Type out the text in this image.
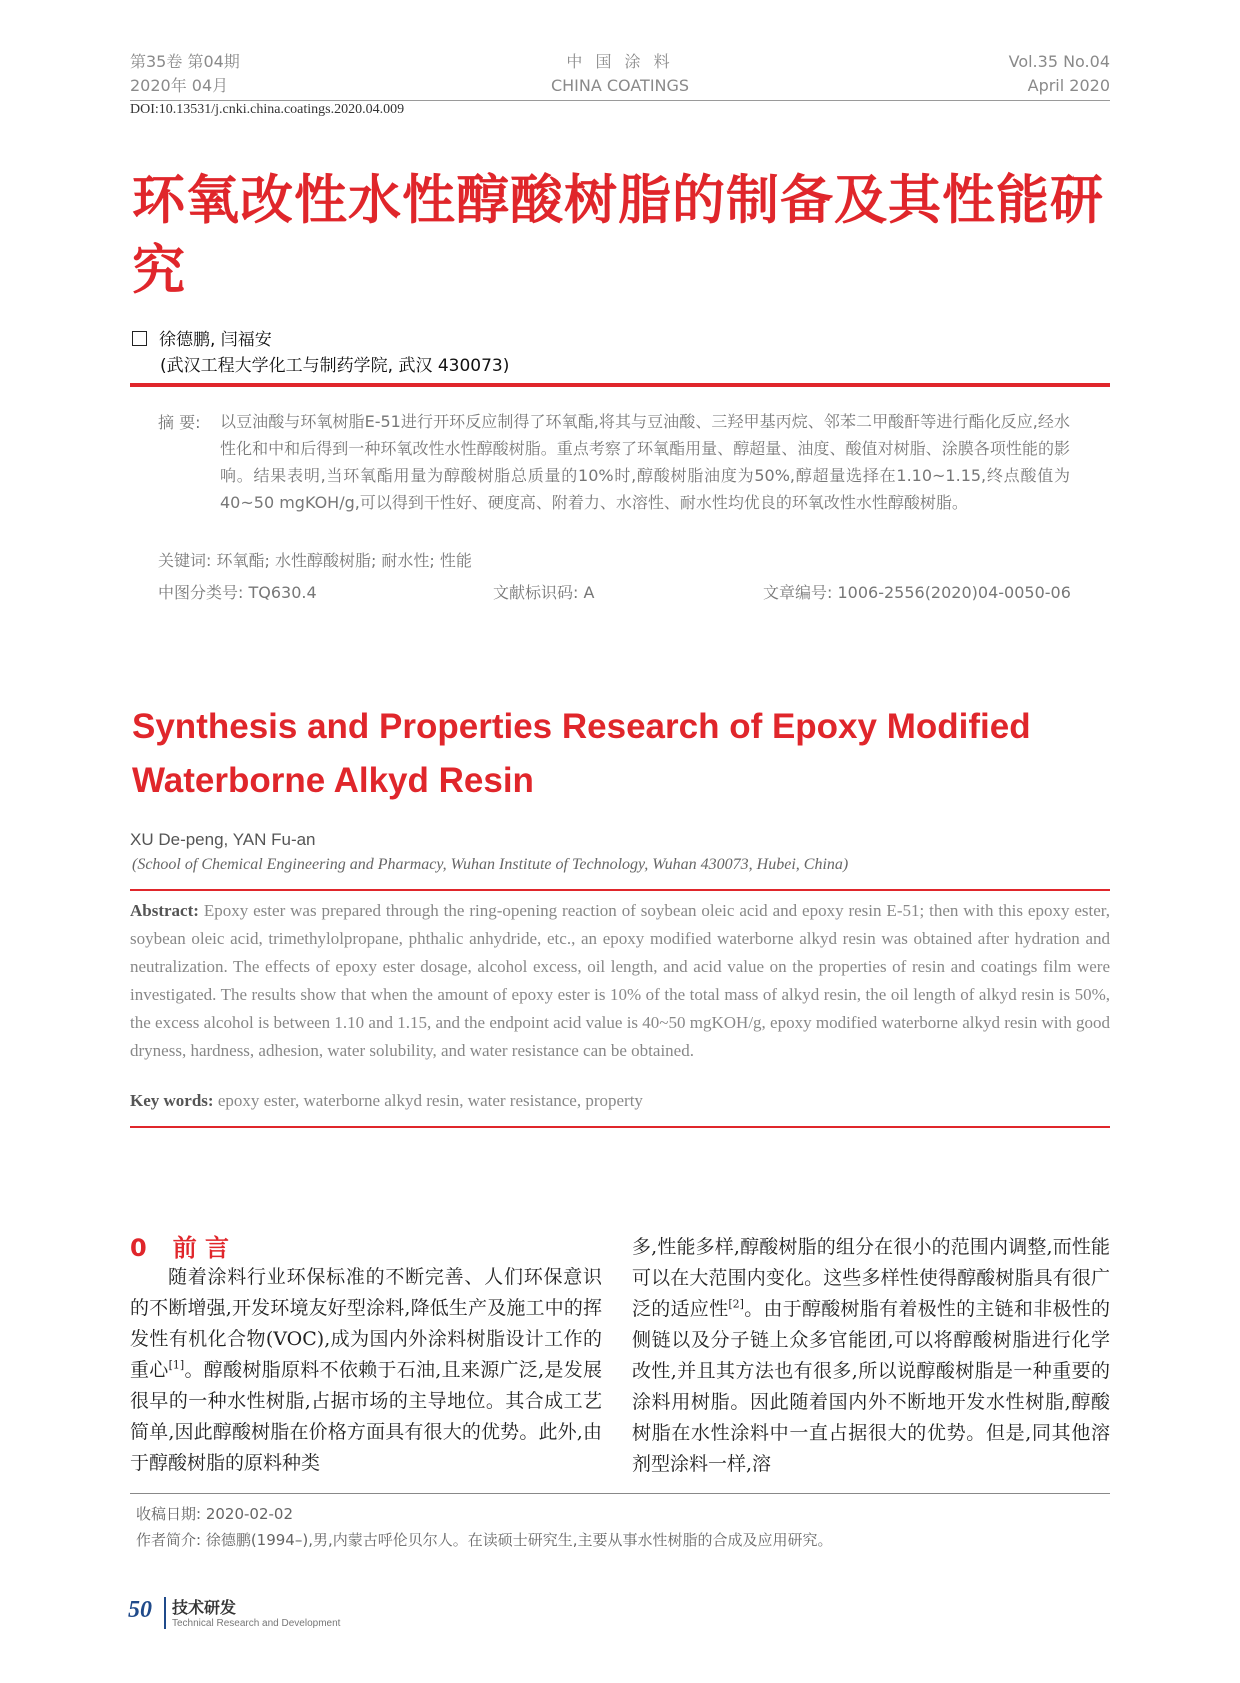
第35卷 第04期
2020年 04月
中 国 涂 料
CHINA COATINGS
Vol.35 No.04
April 2020
DOI:10.13531/j.cnki.china.coatings.2020.04.009
环氧改性水性醇酸树脂的制备及其性能研究
徐德鹏, 闫福安
(武汉工程大学化工与制药学院, 武汉 430073)
摘 要: 以豆油酸与环氧树脂E-51进行开环反应制得了环氧酯,将其与豆油酸、三羟甲基丙烷、邻苯二甲酸酐等进行酯化反应,经水性化和中和后得到一种环氧改性水性醇酸树脂。重点考察了环氧酯用量、醇超量、油度、酸值对树脂、涂膜各项性能的影响。结果表明,当环氧酯用量为醇酸树脂总质量的10%时,醇酸树脂油度为50%,醇超量选择在1.10~1.15,终点酸值为40~50 mgKOH/g,可以得到干性好、硬度高、附着力、水溶性、耐水性均优良的环氧改性水性醇酸树脂。
关键词: 环氧酯; 水性醇酸树脂; 耐水性; 性能
中图分类号: TQ630.4	文献标识码: A	文章编号: 1006-2556(2020)04-0050-06
Synthesis and Properties Research of Epoxy Modified Waterborne Alkyd Resin
XU De-peng, YAN Fu-an
(School of Chemical Engineering and Pharmacy, Wuhan Institute of Technology, Wuhan 430073, Hubei, China)
Abstract: Epoxy ester was prepared through the ring-opening reaction of soybean oleic acid and epoxy resin E-51; then with this epoxy ester, soybean oleic acid, trimethylolpropane, phthalic anhydride, etc., an epoxy modified waterborne alkyd resin was obtained after hydration and neutralization. The effects of epoxy ester dosage, alcohol excess, oil length, and acid value on the properties of resin and coatings film were investigated. The results show that when the amount of epoxy ester is 10% of the total mass of alkyd resin, the oil length of alkyd resin is 50%, the excess alcohol is between 1.10 and 1.15, and the endpoint acid value is 40~50 mgKOH/g, epoxy modified waterborne alkyd resin with good dryness, hardness, adhesion, water solubility, and water resistance can be obtained.
Key words: epoxy ester, waterborne alkyd resin, water resistance, property
0 前 言
随着涂料行业环保标准的不断完善、人们环保意识的不断增强,开发环境友好型涂料,降低生产及施工中的挥发性有机化合物(VOC),成为国内外涂料树脂设计工作的重心[1]。醇酸树脂原料不依赖于石油,且来源广泛,是发展很早的一种水性树脂,占据市场的主导地位。其合成工艺简单,因此醇酸树脂在价格方面具有很大的优势。此外,由于醇酸树脂的原料种类
多,性能多样,醇酸树脂的组分在很小的范围内调整,而性能可以在大范围内变化。这些多样性使得醇酸树脂具有很广泛的适应性[2]。由于醇酸树脂有着极性的主链和非极性的侧链以及分子链上众多官能团,可以将醇酸树脂进行化学改性,并且其方法也有很多,所以说醇酸树脂是一种重要的涂料用树脂。因此随着国内外不断地开发水性树脂,醇酸树脂在水性涂料中一直占据很大的优势。但是,同其他溶剂型涂料一样,溶
收稿日期: 2020-02-02
作者简介: 徐德鹏(1994–),男,内蒙古呼伦贝尔人。在读硕士研究生,主要从事水性树脂的合成及应用研究。
50 技术研发
Technical Research and Development
